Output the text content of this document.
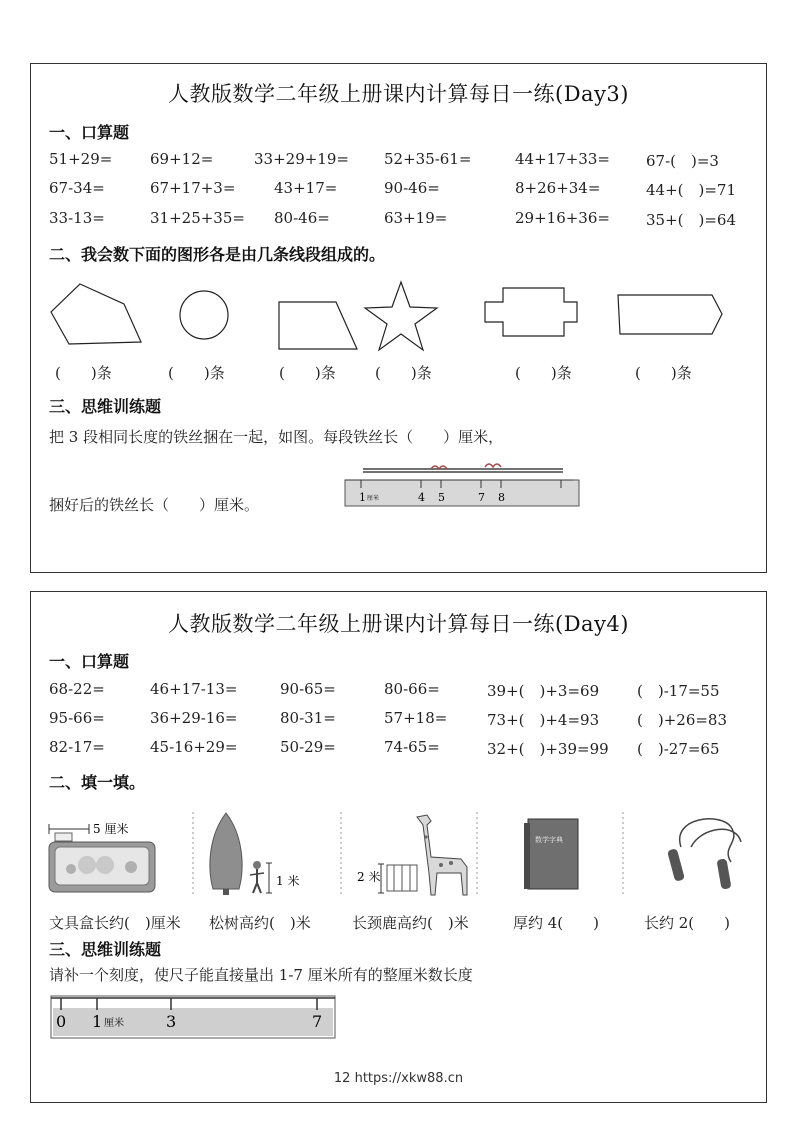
人教版数学二年级上册课内计算每日一练(Day3)
一、口算题
51+29=	69+12=	33+29+19= 52+35-61=	44+17+33= 67-(　)=3
67-34=	67+17+3=	43+17=	90-46=	8+26+34=	44+(　)=71
33-13=	31+25+35= 80-46=	63+19=	29+16+36= 35+(　)=64
二、我会数下面的图形各是由几条线段组成的。
(　　)条	(　　)条	(　　)条	(　　)条	(　　)条	(　　)条
三、思维训练题
把 3 段相同长度的铁丝捆在一起，如图。每段铁丝长（　　）厘米，
捆好后的铁丝长（　　）厘米。	1 厘米	4 5	7 8
人教版数学二年级上册课内计算每日一练(Day4)
一、口算题
68-22=	46+17-13=	90-65=	80-66=	39+(　)+3=69	(　)-17=55
95-66=	36+29-16=	80-31=	57+18=	73+(　)+4=93	(　)+26=83
82-17=	45-16+29=	50-29=	74-65=	32+(　)+39=99 (　)-27=65
二、填一填。
5 厘米
1 米	2 米
数学字典
文具盒长约(　)厘米 松树高约(　)米	长颈鹿高约(　)米	厚约 4(　　)	长约 2(　　)
三、思维训练题
请补一个刻度，使尺子能直接量出 1-7 厘米所有的整厘米数长度
0 1 厘米	3	7
12 https://xkw88.cn
